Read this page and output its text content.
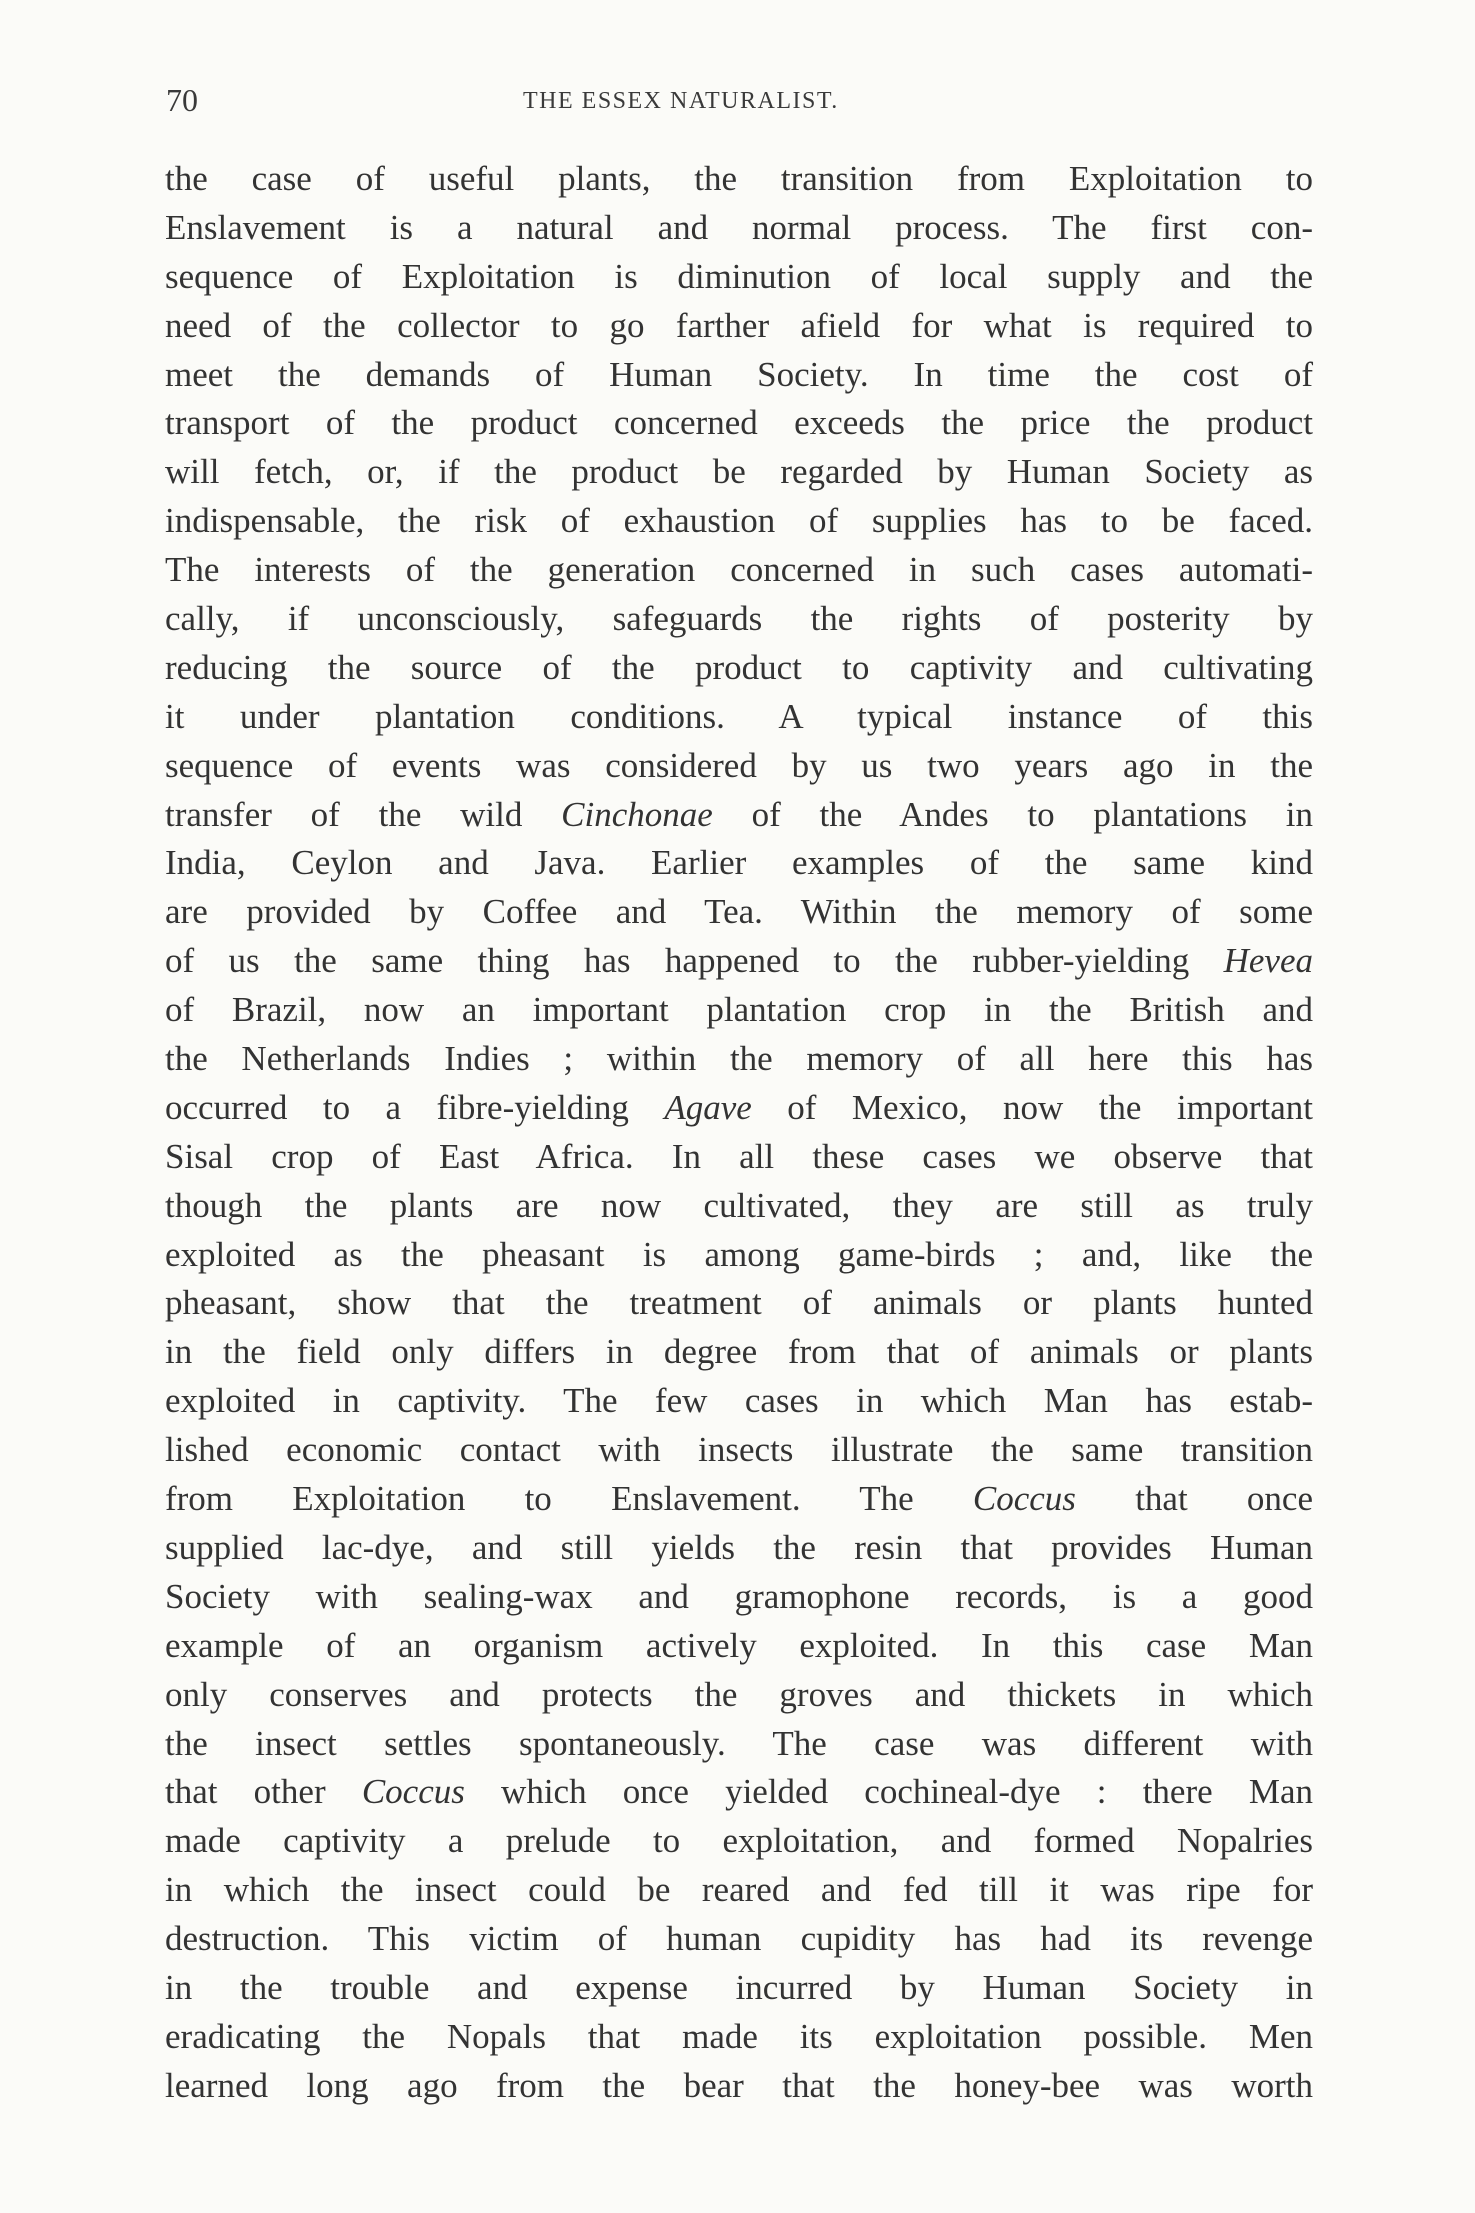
70	THE ESSEX NATURALIST.
the case of useful plants, the transition from Exploitation to
Enslavement is a natural and normal process. The first con-
sequence of Exploitation is diminution of local supply and the
need of the collector to go farther afield for what is required to
meet the demands of Human Society. In time the cost of
transport of the product concerned exceeds the price the product
will fetch, or, if the product be regarded by Human Society as
indispensable, the risk of exhaustion of supplies has to be faced.
The interests of the generation concerned in such cases automati-
cally, if unconsciously, safeguards the rights of posterity by
reducing the source of the product to captivity and cultivating
it under plantation conditions. A typical instance of this
sequence of events was considered by us two years ago in the
transfer of the wild Cinchonae of the Andes to plantations in
India, Ceylon and Java. Earlier examples of the same kind
are provided by Coffee and Tea. Within the memory of some
of us the same thing has happened to the rubber-yielding Hevea
of Brazil, now an important plantation crop in the British and
the Netherlands Indies ; within the memory of all here this has
occurred to a fibre-yielding Agave of Mexico, now the important
Sisal crop of East Africa. In all these cases we observe that
though the plants are now cultivated, they are still as truly
exploited as the pheasant is among game-birds ; and, like the
pheasant, show that the treatment of animals or plants hunted
in the field only differs in degree from that of animals or plants
exploited in captivity. The few cases in which Man has estab-
lished economic contact with insects illustrate the same transition
from Exploitation to Enslavement. The Coccus that once
supplied lac-dye, and still yields the resin that provides Human
Society with sealing-wax and gramophone records, is a good
example of an organism actively exploited. In this case Man
only conserves and protects the groves and thickets in which
the insect settles spontaneously. The case was different with
that other Coccus which once yielded cochineal-dye : there Man
made captivity a prelude to exploitation, and formed Nopalries
in which the insect could be reared and fed till it was ripe for
destruction. This victim of human cupidity has had its revenge
in the trouble and expense incurred by Human Society in
eradicating the Nopals that made its exploitation possible. Men
learned long ago from the bear that the honey-bee was worth
